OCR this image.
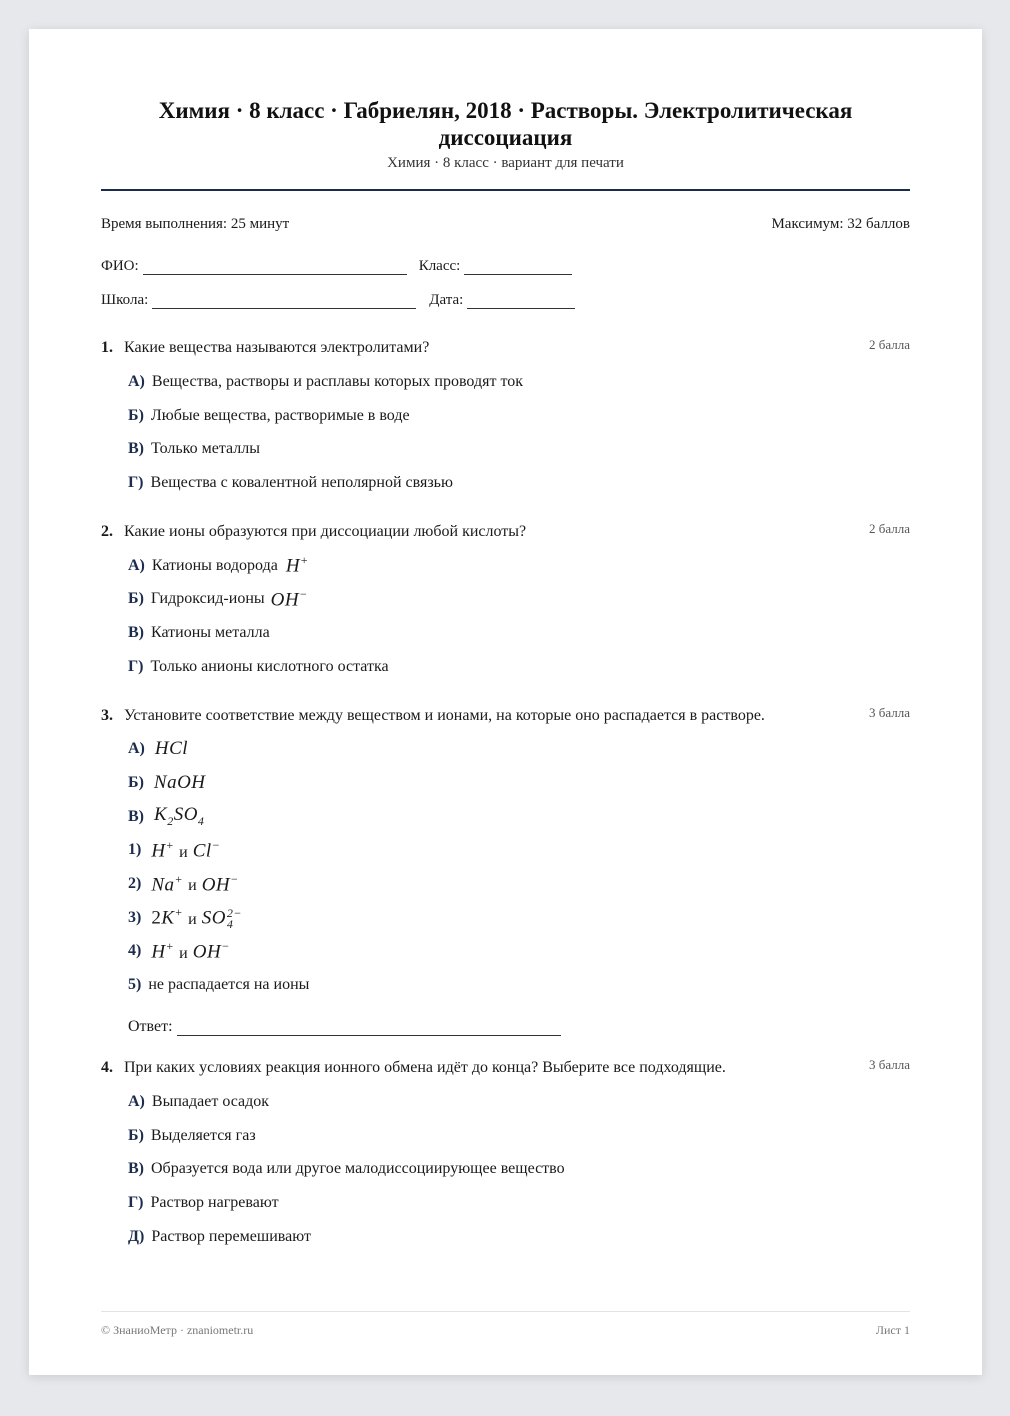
Химия · 8 класс · Габриелян, 2018 · Растворы. Электролитическая диссоциация
Химия · 8 класс · вариант для печати
Время выполнения: 25 минут	Максимум: 32 баллов
ФИО:	Класс:
Школа:	Дата:
1. Какие вещества называются электролитами?	2 балла
А) Вещества, растворы и расплавы которых проводят ток
Б) Любые вещества, растворимые в воде
В) Только металлы
Г) Вещества с ковалентной неполярной связью
2. Какие ионы образуются при диссоциации любой кислоты?	2 балла
А) Катионы водорода H+
Б) Гидроксид-ионы OH−
В) Катионы металла
Г) Только анионы кислотного остатка
3. Установите соответствие между веществом и ионами, на которые оно распадается в растворе.	3 балла
А) HCl
Б) NaOH
В) $K_2SO_4$
1) H+ и Cl−
2) Na+ и OH−
3) 2K+ и SO 2−
4
4) H+ и OH−
5) не распадается на ионы
Ответ:
4. При каких условиях реакция ионного обмена идёт до конца? Выберите все подходящие.	3 балла
А) Выпадает осадок
Б) Выделяется газ
В) Образуется вода или другое малодиссоциирующее вещество
Г) Раствор нагревают
Д) Раствор перемешивают
© ЗнаниоМетр · znaniometr.ru	Лист 1
